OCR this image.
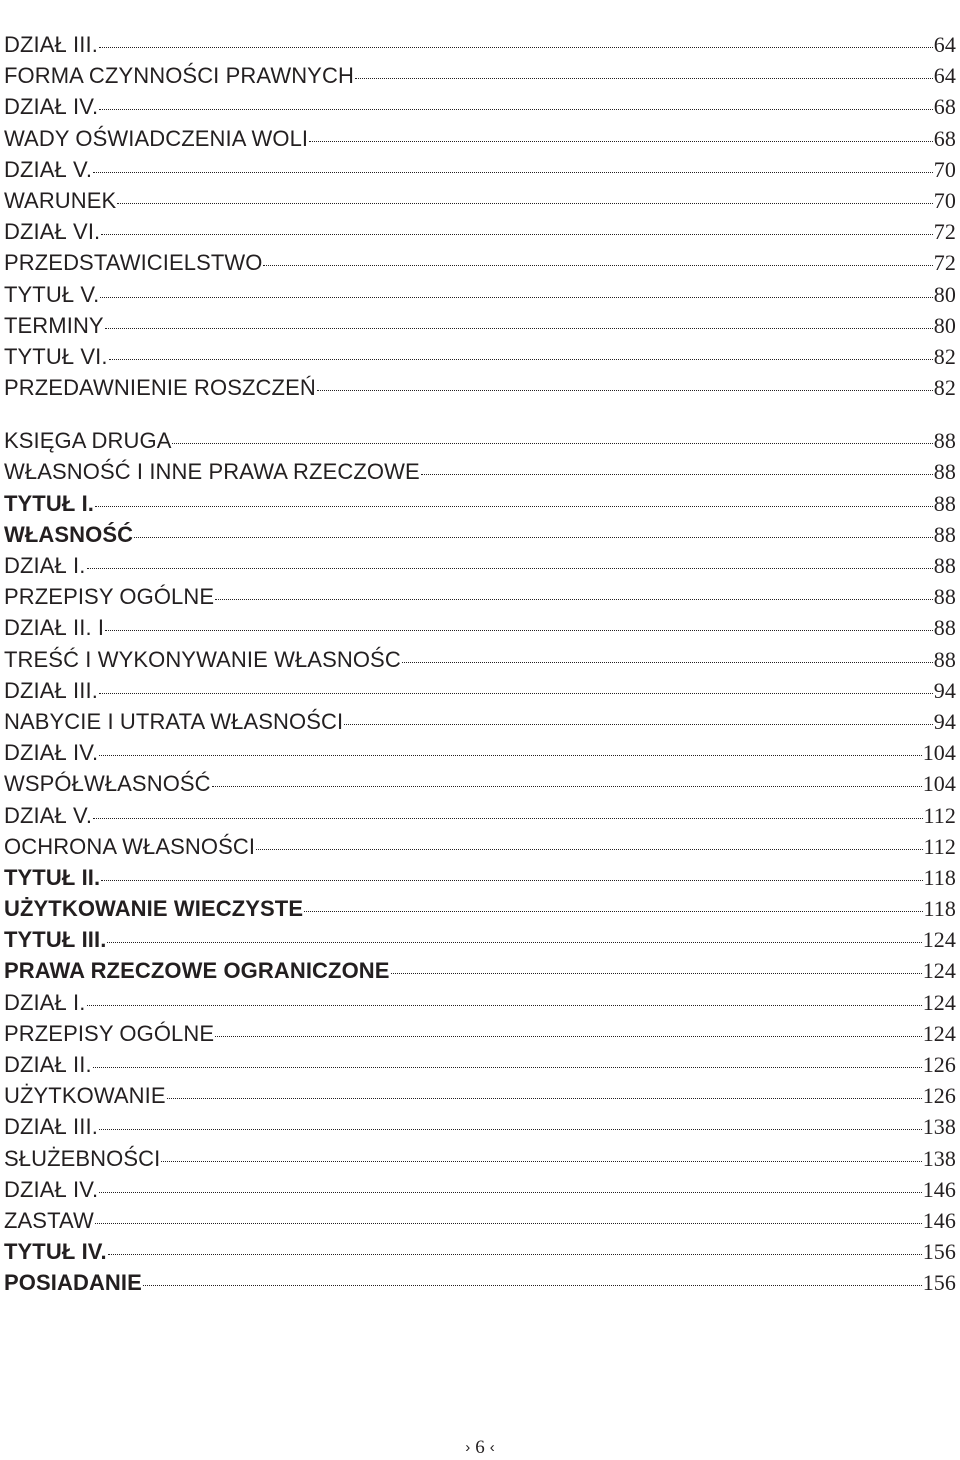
DZIAŁ III.	64
FORMA CZYNNOŚCI PRAWNYCH	64
DZIAŁ IV.	68
WADY OŚWIADCZENIA WOLI	68
DZIAŁ V.	70
WARUNEK	70
DZIAŁ VI.	72
PRZEDSTAWICIELSTWO	72
TYTUŁ V.	80
TERMINY	80
TYTUŁ VI.	82
PRZEDAWNIENIE ROSZCZEŃ	82
KSIĘGA DRUGA	88
WŁASNOŚĆ I INNE PRAWA RZECZOWE	88
TYTUŁ I.	88
WŁASNOŚĆ	88
DZIAŁ I.	88
PRZEPISY OGÓLNE	88
DZIAŁ II. I	88
TREŚĆ I WYKONYWANIE WŁASNOŚC	88
DZIAŁ III.	94
NABYCIE I UTRATA WŁASNOŚCI	94
DZIAŁ IV.	104
WSPÓŁWŁASNOŚĆ	104
DZIAŁ V.	112
OCHRONA WŁASNOŚCI	112
TYTUŁ II.	118
UŻYTKOWANIE WIECZYSTE	118
TYTUŁ III.	124
PRAWA RZECZOWE OGRANICZONE	124
DZIAŁ I.	124
PRZEPISY OGÓLNE	124
DZIAŁ II.	126
UŻYTKOWANIE	126
DZIAŁ III.	138
SŁUŻEBNOŚCI	138
DZIAŁ IV.	146
ZASTAW	146
TYTUŁ IV.	156
POSIADANIE	156
› 6 ‹
